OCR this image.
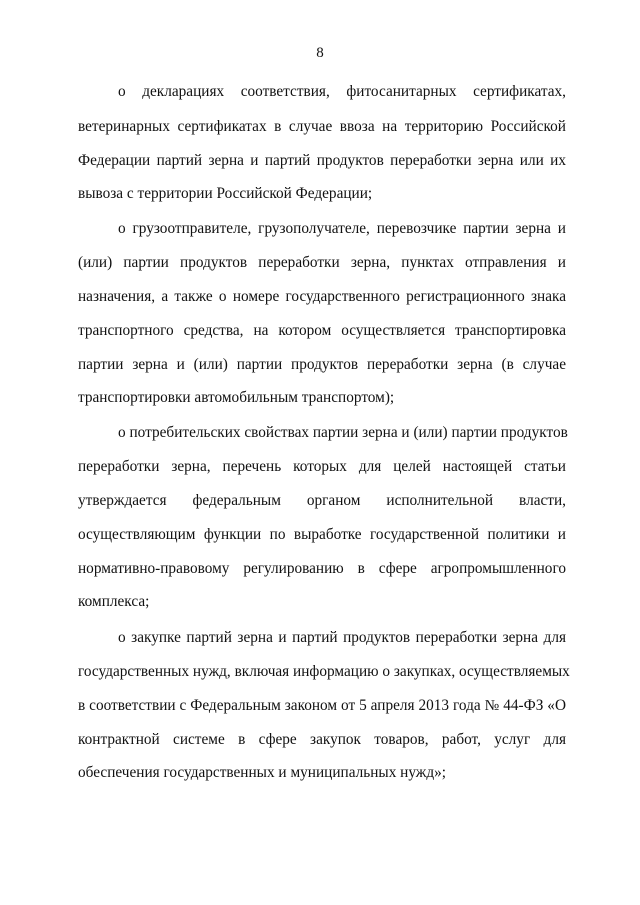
8
о декларациях соответствия, фитосанитарных сертификатах,
ветеринарных сертификатах в случае ввоза на территорию Российской
Федерации партий зерна и партий продуктов переработки зерна или их
вывоза с территории Российской Федерации;
о грузоотправителе, грузополучателе, перевозчике партии зерна и
(или) партии продуктов переработки зерна, пунктах отправления и
назначения, а также о номере государственного регистрационного знака
транспортного средства, на котором осуществляется транспортировка
партии зерна и (или) партии продуктов переработки зерна (в случае
транспортировки автомобильным транспортом);
о потребительских свойствах партии зерна и (или) партии продуктов
переработки зерна, перечень которых для целей настоящей статьи
утверждается федеральным органом исполнительной власти,
осуществляющим функции по выработке государственной политики и
нормативно-правовому регулированию в сфере агропромышленного
комплекса;
о закупке партий зерна и партий продуктов переработки зерна для
государственных нужд, включая информацию о закупках, осуществляемых
в соответствии с Федеральным законом от 5 апреля 2013 года № 44-ФЗ «О
контрактной системе в сфере закупок товаров, работ, услуг для
обеспечения государственных и муниципальных нужд»;
